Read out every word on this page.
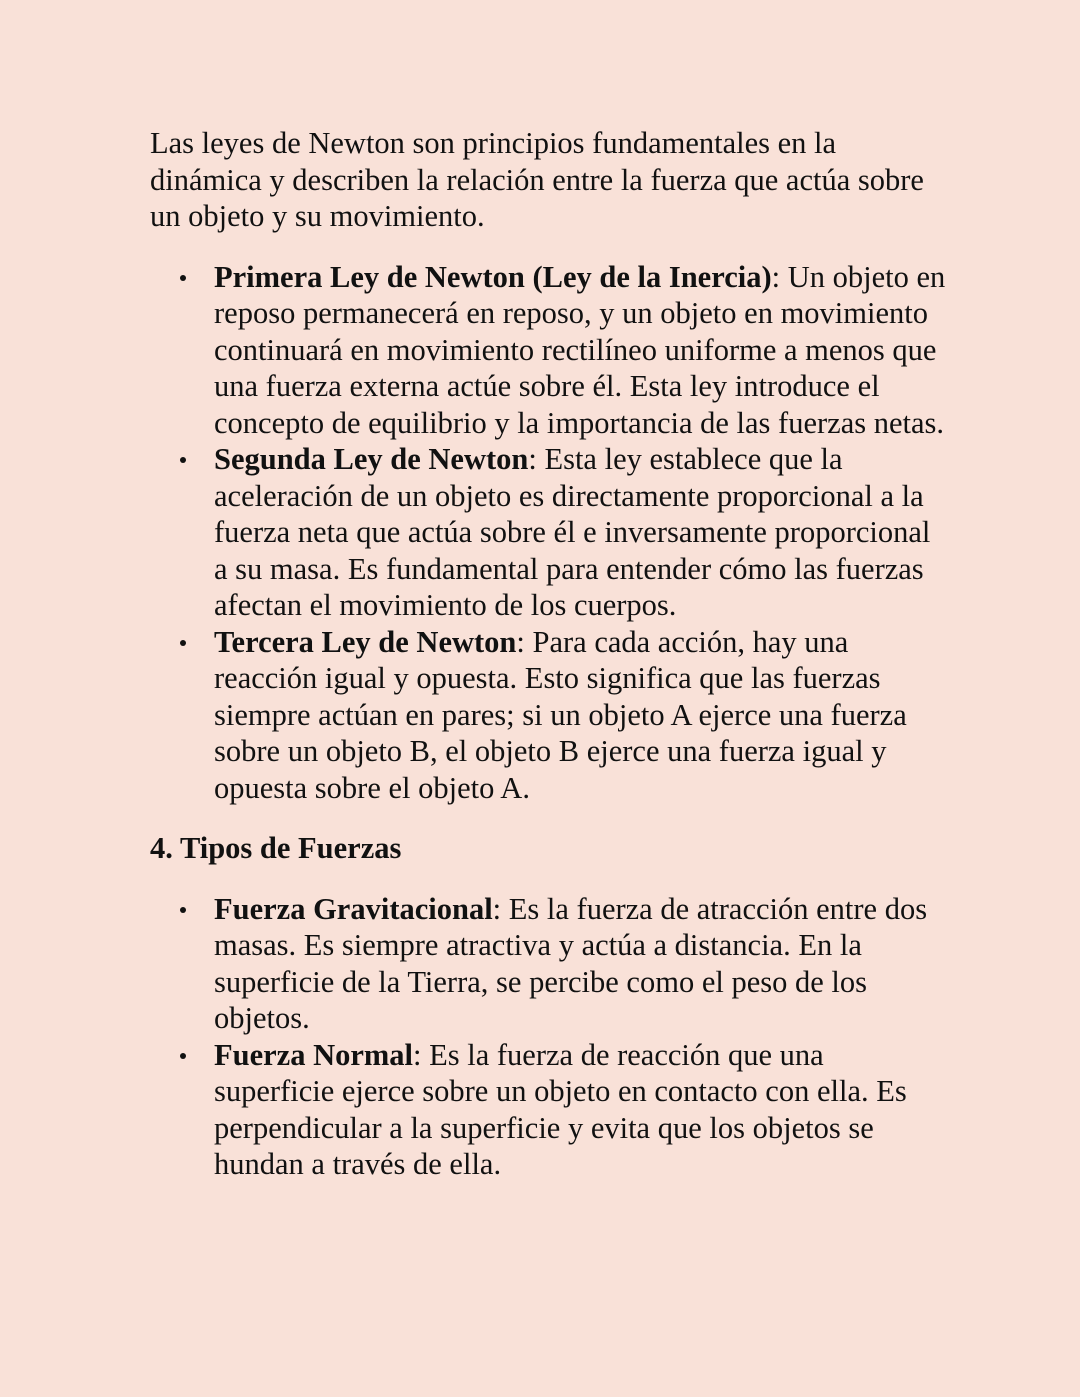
Las leyes de Newton son principios fundamentales en la dinámica y describen la relación entre la fuerza que actúa sobre un objeto y su movimiento.

Primera Ley de Newton (Ley de la Inercia): Un objeto en reposo permanecerá en reposo, y un objeto en movimiento continuará en movimiento rectilíneo uniforme a menos que una fuerza externa actúe sobre él. Esta ley introduce el concepto de equilibrio y la importancia de las fuerzas netas.
Segunda Ley de Newton: Esta ley establece que la aceleración de un objeto es directamente proporcional a la fuerza neta que actúa sobre él e inversamente proporcional a su masa. Es fundamental para entender cómo las fuerzas afectan el movimiento de los cuerpos.
Tercera Ley de Newton: Para cada acción, hay una reacción igual y opuesta. Esto significa que las fuerzas siempre actúan en pares; si un objeto A ejerce una fuerza sobre un objeto B, el objeto B ejerce una fuerza igual y opuesta sobre el objeto A.
4. Tipos de Fuerzas
Fuerza Gravitacional: Es la fuerza de atracción entre dos masas. Es siempre atractiva y actúa a distancia. En la superficie de la Tierra, se percibe como el peso de los objetos.
Fuerza Normal: Es la fuerza de reacción que una superficie ejerce sobre un objeto en contacto con ella. Es perpendicular a la superficie y evita que los objetos se hundan a través de ella.
